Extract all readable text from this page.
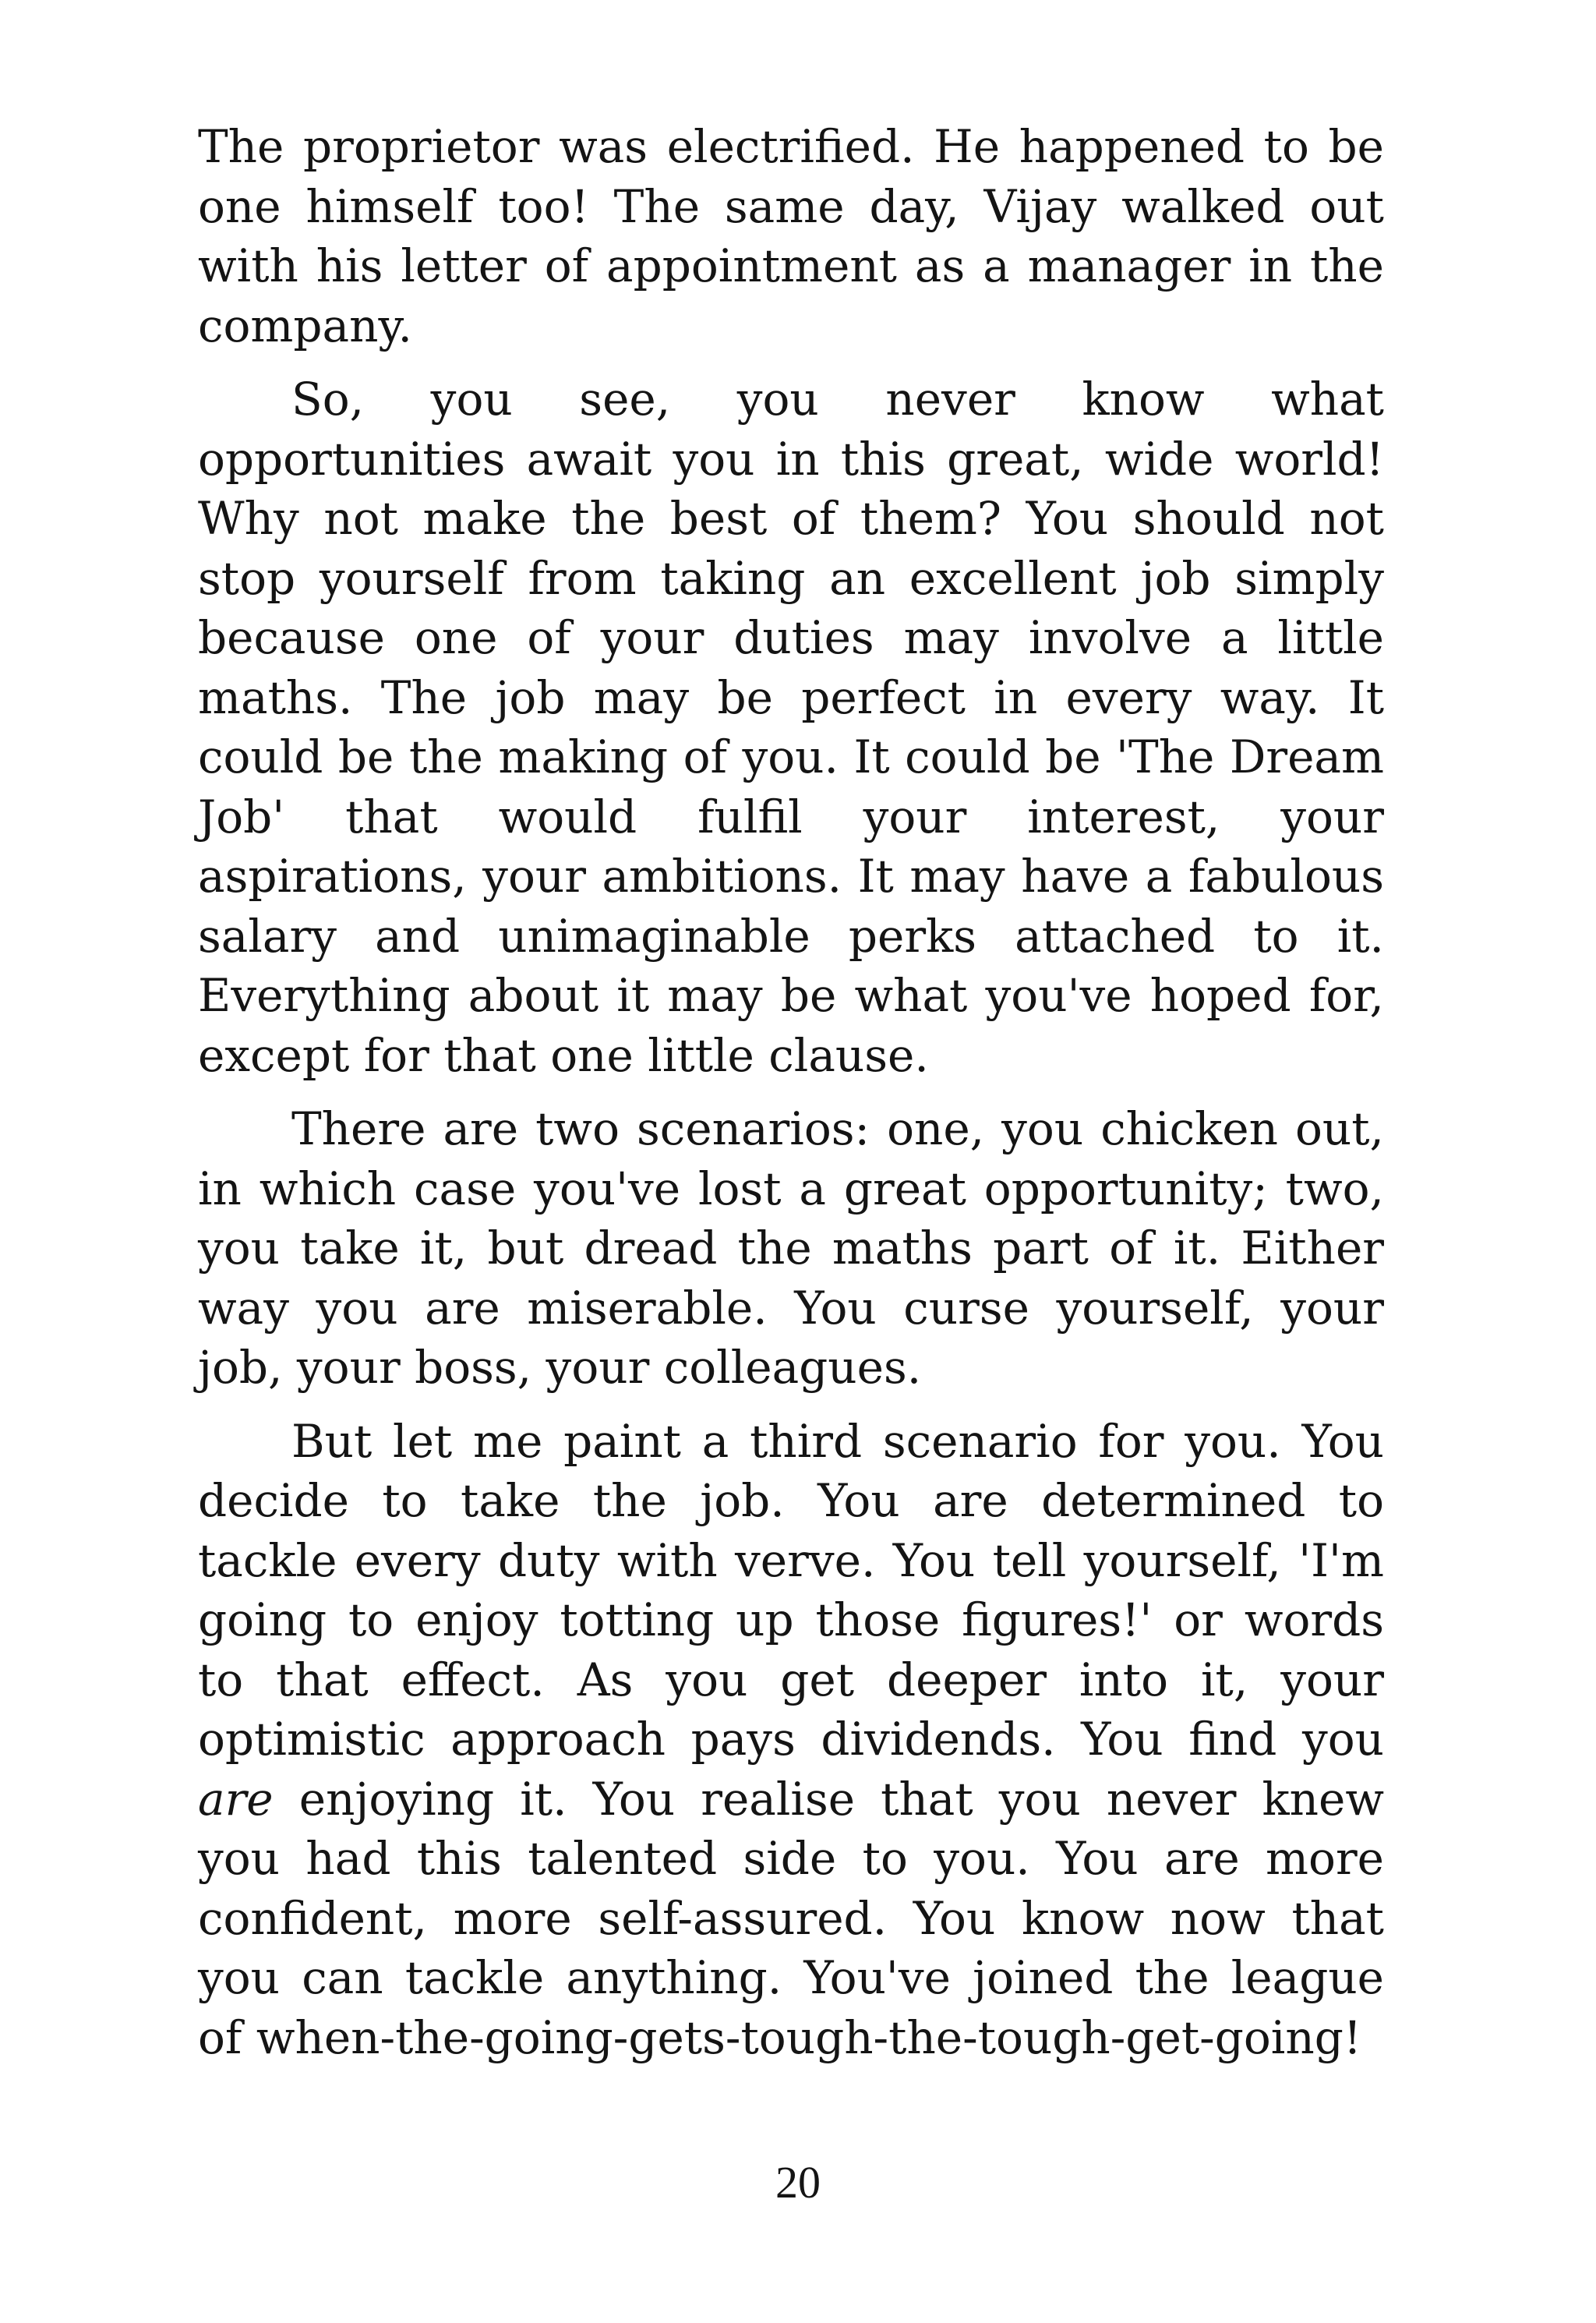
The proprietor was electrified. He happened to be one himself too! The same day, Vijay walked out with his letter of appointment as a manager in the company.

So, you see, you never know what opportunities await you in this great, wide world! Why not make the best of them? You should not stop yourself from taking an excellent job simply because one of your duties may involve a little maths. The job may be perfect in every way. It could be the making of you. It could be 'The Dream Job' that would fulfil your interest, your aspirations, your ambitions. It may have a fabulous salary and unimaginable perks attached to it. Everything about it may be what you've hoped for, except for that one little clause.

There are two scenarios: one, you chicken out, in which case you've lost a great opportunity; two, you take it, but dread the maths part of it. Either way you are miserable. You curse yourself, your job, your boss, your colleagues.

But let me paint a third scenario for you. You decide to take the job. You are determined to tackle every duty with verve. You tell yourself, 'I'm going to enjoy totting up those figures!' or words to that effect. As you get deeper into it, your optimistic approach pays dividends. You find you are enjoying it. You realise that you never knew you had this talented side to you. You are more confident, more self-assured. You know now that you can tackle anything. You've joined the league of when-the-going-gets-tough-the-tough-get-going!

20
